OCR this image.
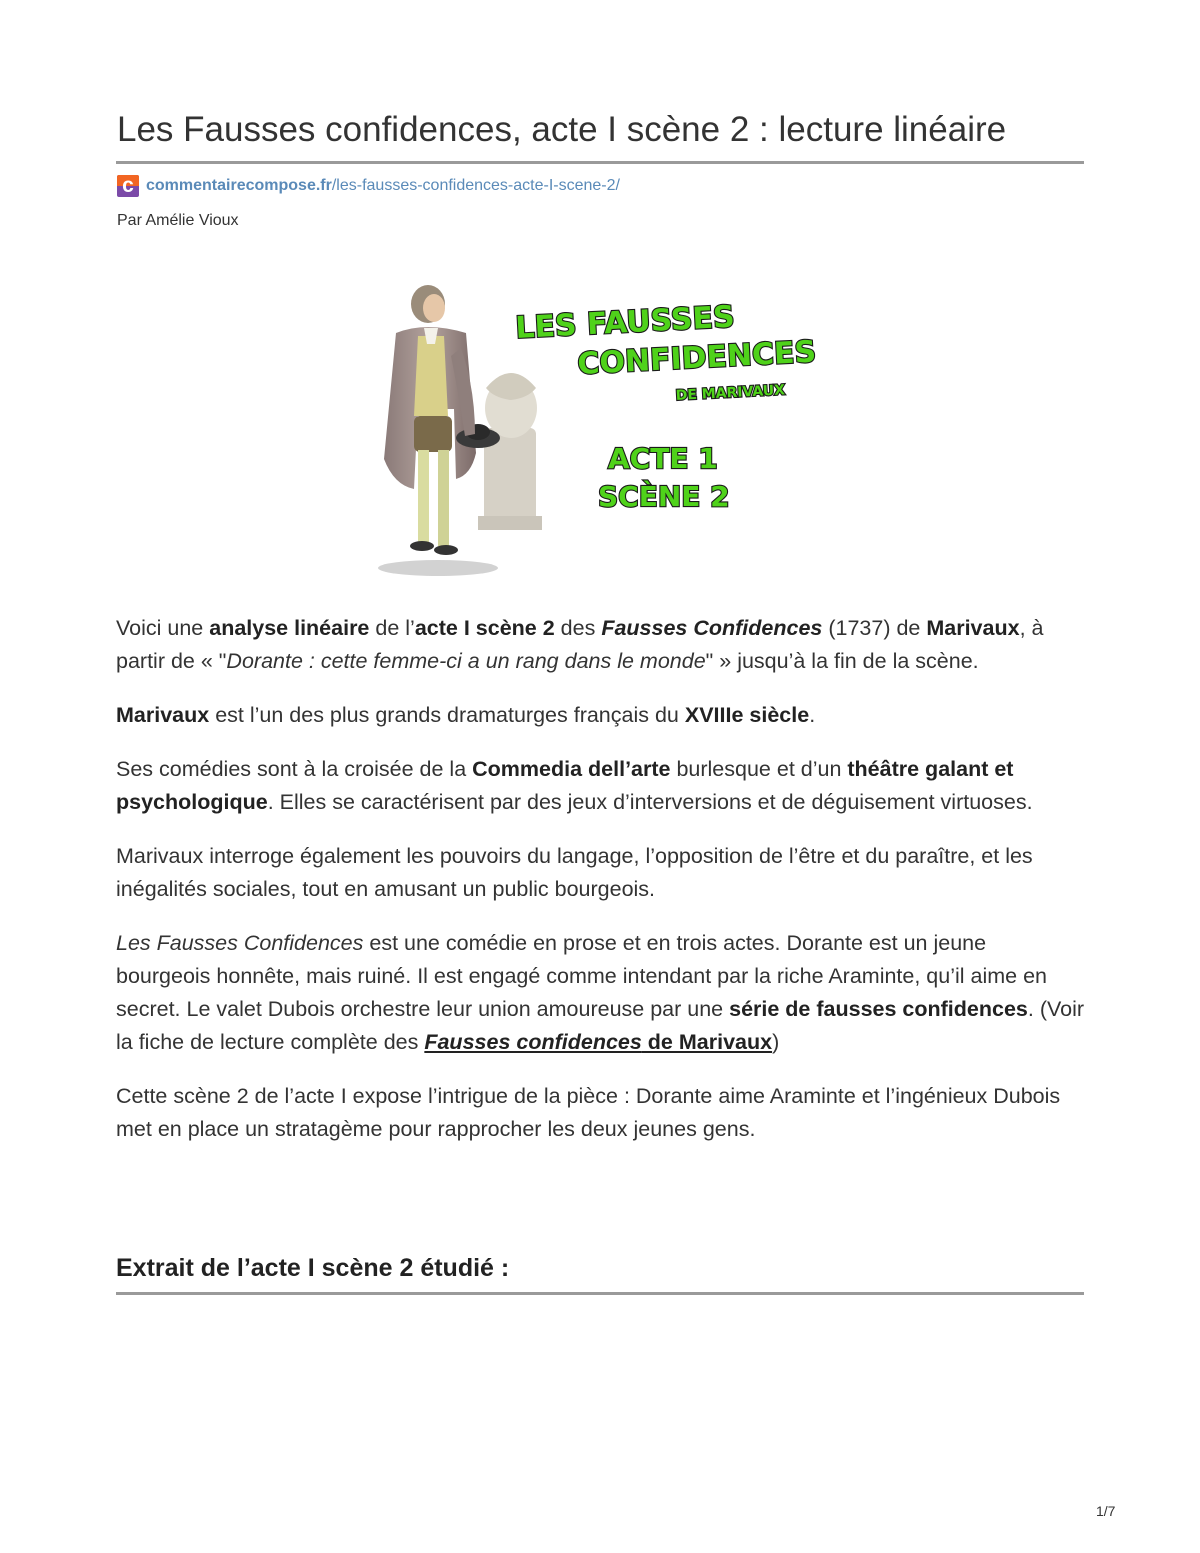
Les Fausses confidences, acte I scène 2 : lecture linéaire
c commentairecompose.fr/les-fausses-confidences-acte-I-scene-2/
Par Amélie Vioux
LES FAUSSES
CONFIDENCES
DE MARIVAUX
ACTE 1
SCÈNE 2

Voici une analyse linéaire de l’acte I scène 2 des Fausses Confidences (1737) de Marivaux, à partir de « "Dorante : cette femme-ci a un rang dans le monde" » jusqu’à la fin de la scène.

Marivaux est l’un des plus grands dramaturges français du XVIIIe siècle.

Ses comédies sont à la croisée de la Commedia dell’arte burlesque et d’un théâtre galant et psychologique. Elles se caractérisent par des jeux d’interversions et de déguisement virtuoses.

Marivaux interroge également les pouvoirs du langage, l’opposition de l’être et du paraître, et les inégalités sociales, tout en amusant un public bourgeois.

Les Fausses Confidences est une comédie en prose et en trois actes. Dorante est un jeune bourgeois honnête, mais ruiné. Il est engagé comme intendant par la riche Araminte, qu’il aime en secret. Le valet Dubois orchestre leur union amoureuse par une série de fausses confidences. (Voir la fiche de lecture complète des Fausses confidences de Marivaux)

Cette scène 2 de l’acte I expose l’intrigue de la pièce : Dorante aime Araminte et l’ingénieux Dubois met en place un stratagème pour rapprocher les deux jeunes gens.

Extrait de l’acte I scène 2 étudié :
1/7
